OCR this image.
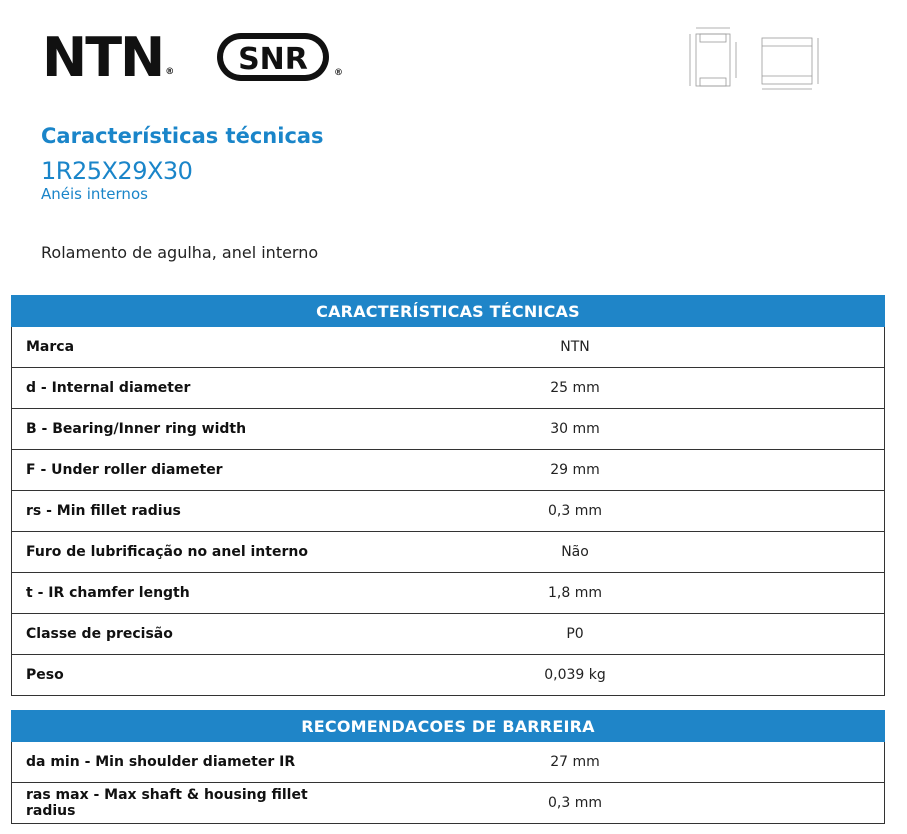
NTN ® SNR	®
Características técnicas
1R25X29X30
Anéis internos
Rolamento de agulha, anel interno
CARACTERÍSTICAS TÉCNICAS	
Marca	NTN
d - Internal diameter	25 mm
B - Bearing/Inner ring width	30 mm
F - Under roller diameter	29 mm
rs - Min fillet radius	0,3 mm
Furo de lubrificação no anel interno	Não
t - IR chamfer length	1,8 mm
Classe de precisão	P0
Peso	0,039 kg
RECOMENDACOES DE BARREIRA	
da min - Min shoulder diameter IR	27 mm
ras max - Max shaft & housing fillet radius	0,3 mm
